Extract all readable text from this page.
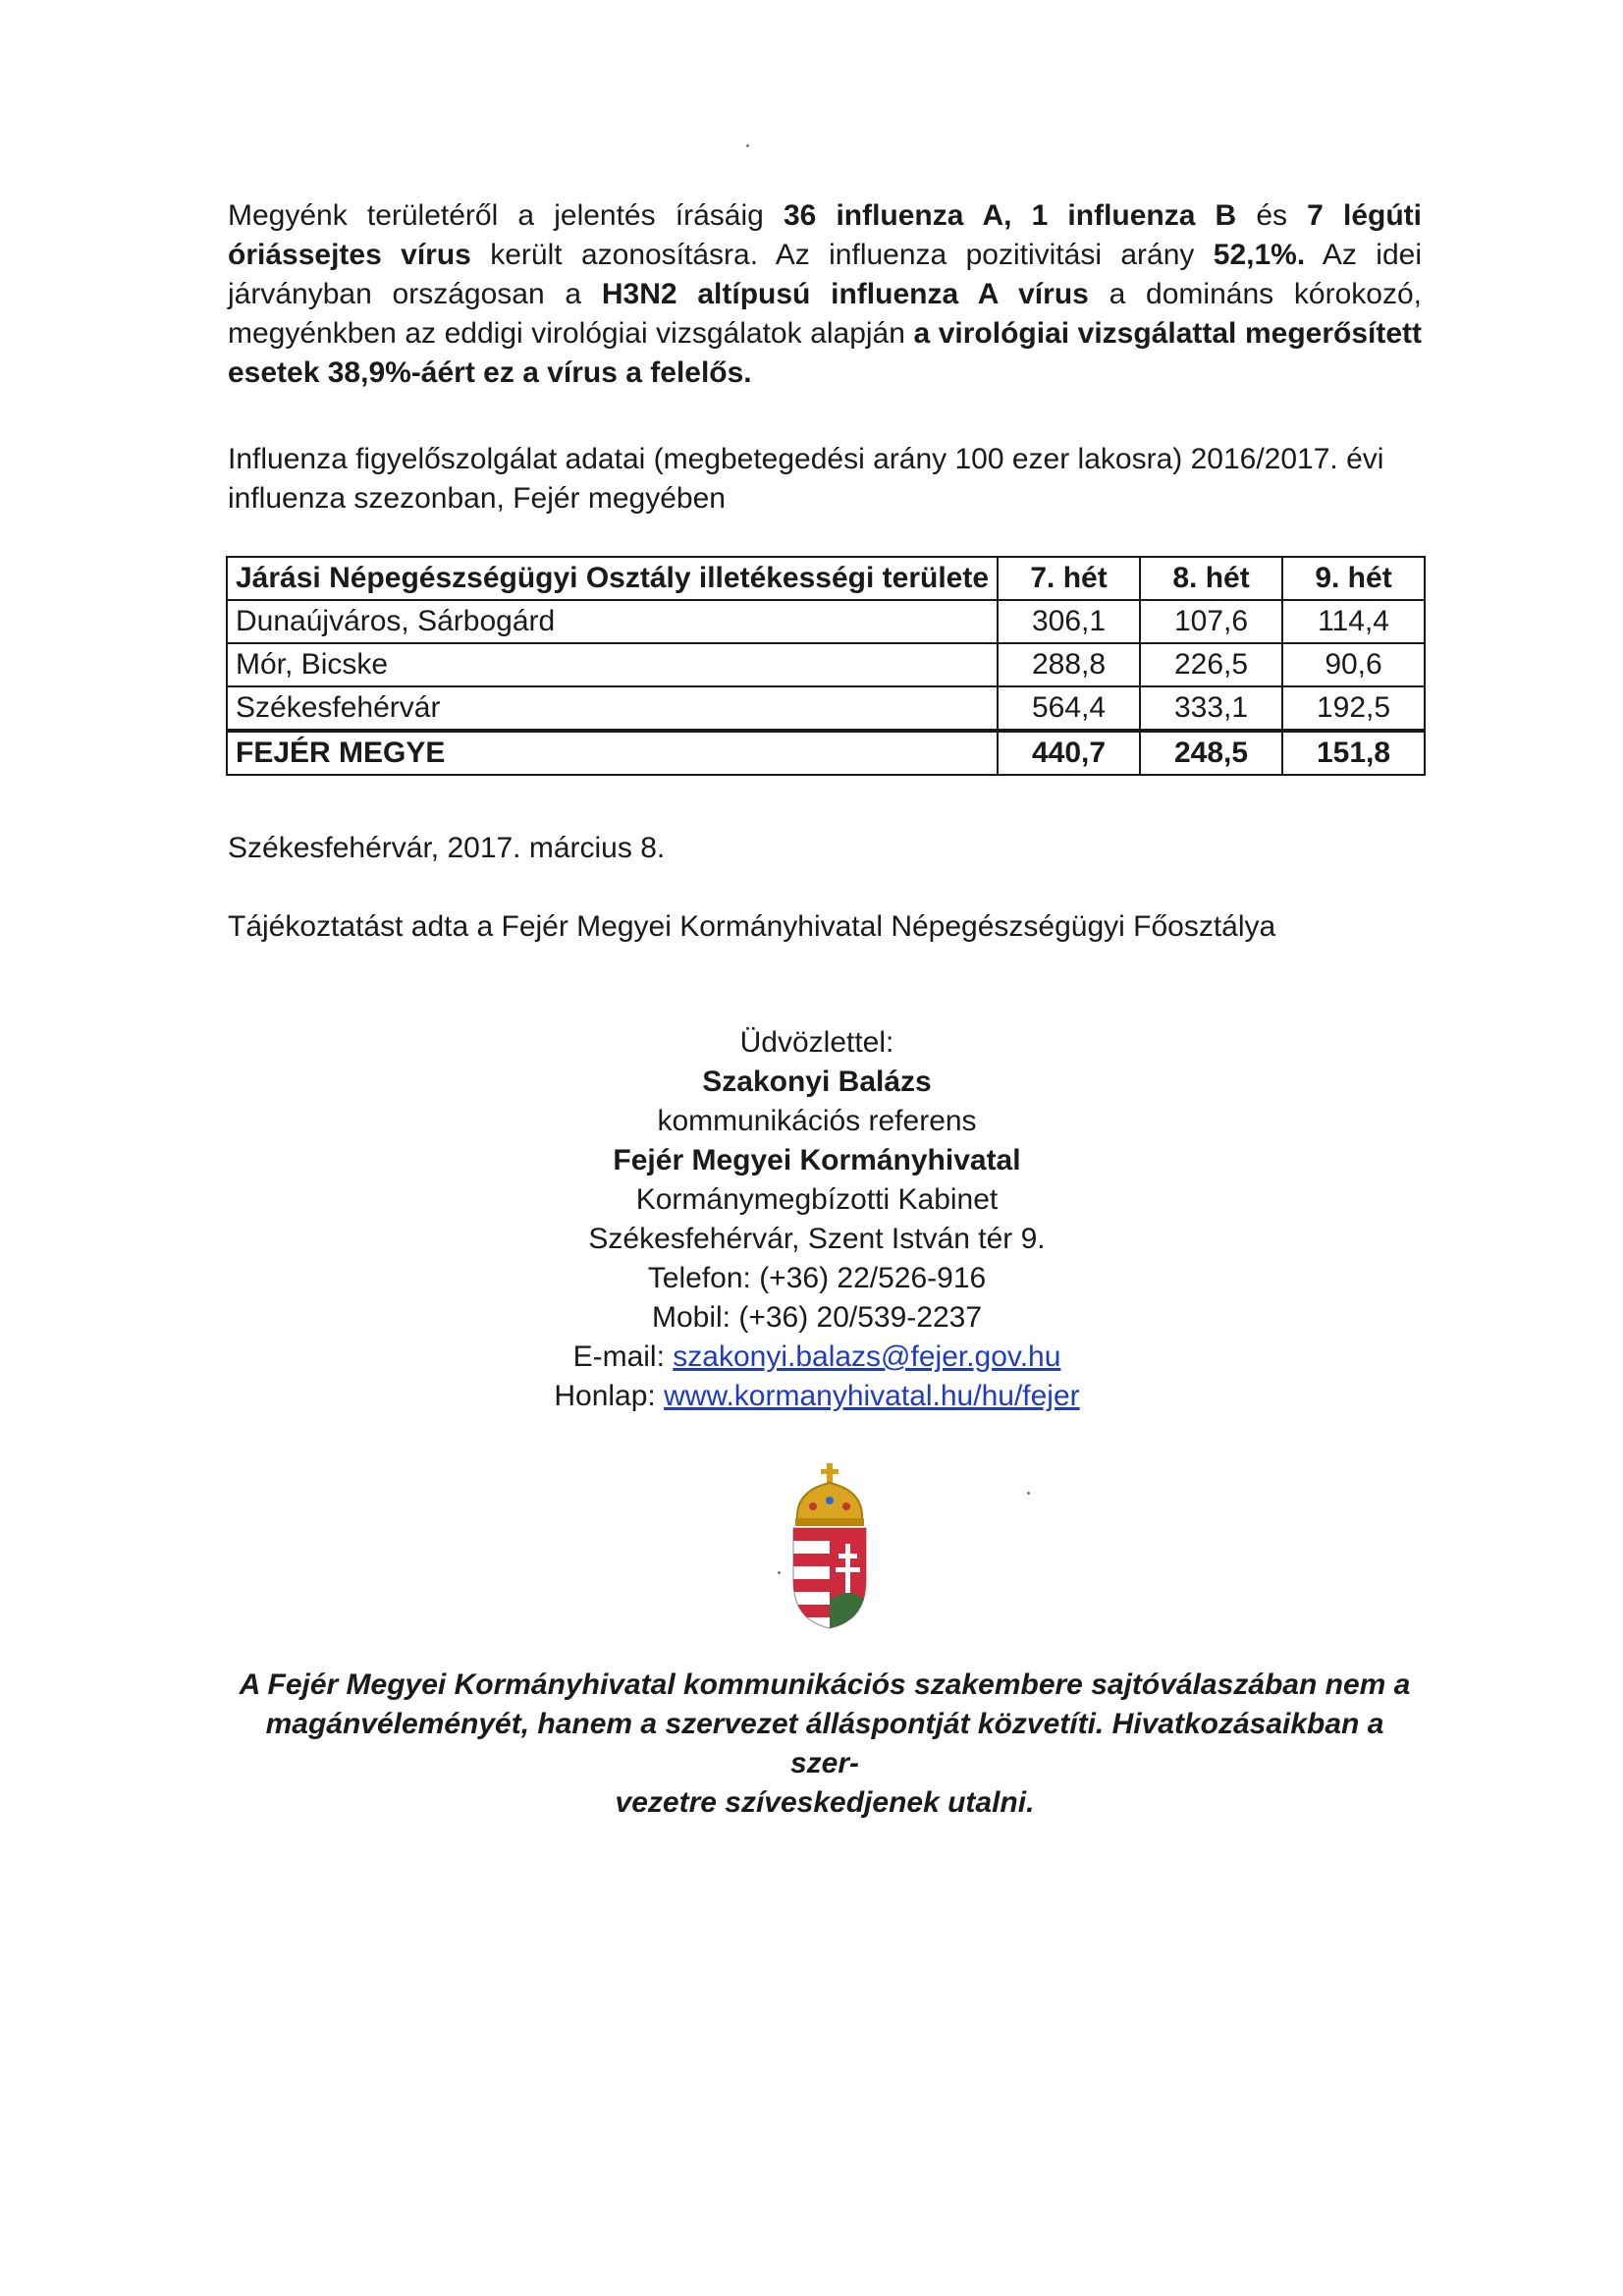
Megyénk területéről a jelentés írásáig 36 influenza A, 1 influenza B és 7 légúti óriássejtes vírus került azonosításra. Az influenza pozitivitási arány 52,1%. Az idei járványban országosan a H3N2 altípusú influenza A vírus a domináns kórokozó, megyénkben az eddigi virológiai vizsgálatok alapján a virológiai vizsgálattal megerősített esetek 38,9%-áért ez a vírus a felelős.

Influenza figyelőszolgálat adatai (megbetegedési arány 100 ezer lakosra) 2016/2017. évi
influenza szezonban, Fejér megyében

Járási Népegészségügyi Osztály illetékességi területe	7. hét	8. hét	9. hét
Dunaújváros, Sárbogárd	306,1	107,6	114,4
Mór, Bicske	288,8	226,5	90,6
Székesfehérvár	564,4	333,1	192,5
FEJÉR MEGYE	440,7	248,5	151,8
Székesfehérvár, 2017. március 8.
Tájékoztatást adta a Fejér Megyei Kormányhivatal Népegészségügyi Főosztálya
Üdvözlettel:
Szakonyi Balázs
kommunikációs referens
Fejér Megyei Kormányhivatal
Kormánymegbízotti Kabinet
Székesfehérvár, Szent István tér 9.
Telefon: (+36) 22/526-916
Mobil: (+36) 20/539-2237
E-mail: szakonyi.balazs@fejer.gov.hu
Honlap: www.kormanyhivatal.hu/hu/fejer

A Fejér Megyei Kormányhivatal kommunikációs szakembere sajtóválaszában nem a
magánvéleményét, hanem a szervezet álláspontját közvetíti. Hivatkozásaikban a szer-
vezetre szíveskedjenek utalni.
